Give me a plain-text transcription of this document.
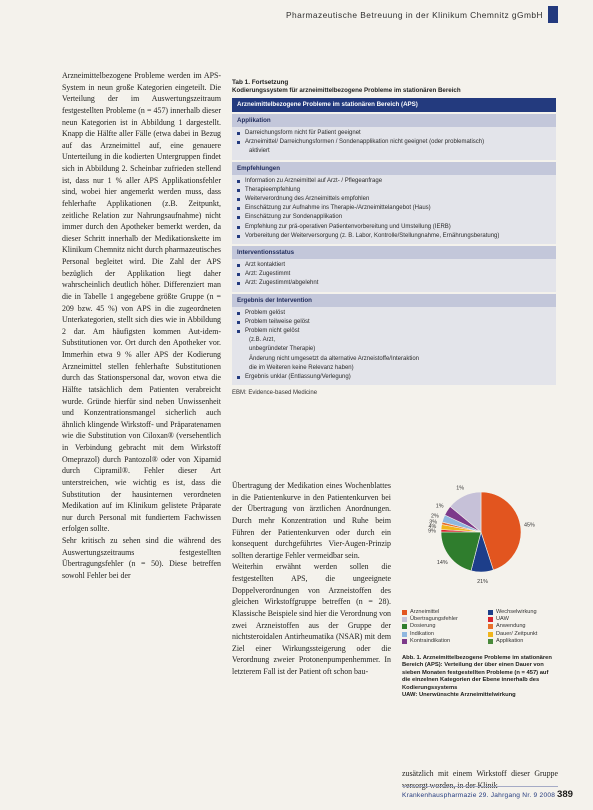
Pharmazeutische Betreuung in der Klinikum Chemnitz gGmbH

Arzneimittelbezogene Probleme werden im APS-System in neun große Kategorien eingeteilt. Die Verteilung der im Auswertungszeitraum festgestellten Probleme (n = 457) innerhalb dieser neun Kategorien ist in Abbildung 1 dargestellt. Knapp die Hälfte aller Fälle (etwa dabei in Bezug auf das Arzneimittel auf, eine genauere Unterteilung in die kodierten Untergruppen findet sich in Abbildung 2. Scheinbar zufrieden stellend ist, dass nur 1 % aller APS Applikationsfehler sind, wobei hier angemerkt werden muss, dass fehlerhafte Applikationen (z.B. Zeitpunkt, zeitliche Relation zur Nahrungsaufnahme) nicht immer durch den Apotheker bemerkt werden, da dieser Schritt innerhalb der Medikationskette im Klinikum Chemnitz nicht durch pharmazeutisches Personal begleitet wird. Die Zahl der APS bezüglich der Applikation liegt daher wahrscheinlich deutlich höher. Differenziert man die in Tabelle 1 angegebene größte Gruppe (n = 209 bzw. 45 %) von APS in die zugeordneten Unterkategorien, stellt sich dies wie in Abbildung 2 dar. Am häufigsten kommen Aut-idem-Substitutionen vor. Ort durch den Apotheker vor. Immerhin etwa 9 % aller APS der Kodierung Arzneimittel stellen fehlerhafte Substitutionen durch das Stationspersonal dar, wovon etwa die Hälfte tatsächlich dem Patienten verabreicht wurde. Gründe hierfür sind neben Unwissenheit und Konzentrationsmangel sicherlich auch ähnlich klingende Wirkstoff- und Präparatenamen wie die Substitution von Ciloxan® (versehentlich in Verbindung gebracht mit dem Wirkstoff Omeprazol) durch Pantozol® oder von Xipamid durch Cipramil®. Fehler dieser Art unterstreichen, wie wichtig es ist, dass die Substitution der hausinternen verordneten Medikation auf im Klinikum gelistete Präparate nur durch Personal mit fundiertem Fachwissen erfolgen sollte.

Sehr kritisch zu sehen sind die während des Auswertungszeitraums festgestellten Übertragungsfehler (n = 50). Diese betreffen sowohl Fehler bei der

Tab 1. Fortsetzung
Kodierungssystem für arzneimittelbezogene Probleme im stationären Bereich
Arzneimittelbezogene Probleme im stationären Bereich (APS)
Applikation
Darreichungsform nicht für Patient geeignet
Arzneimittel/ Darreichungsformen / Sondenapplikation nicht geeignet (oder problematisch)
aktiviert
Empfehlungen
Information zu Arzneimittel auf Arzt- / Pflegeanfrage
Therapieempfehlung
Weiterverordnung des Arzneimittels empfohlen
Einschätzung zur Aufnahme ins Therapie-/Arzneimittelangebot (Haus)
Einschätzung zur Sondenapplikation
Empfehlung zur prä-operativen Patientenvorbereitung und Umstellung (IERB)
Vorbereitung der Weiterversorgung (z. B. Labor, Kontrolle/Stellungnahme, Ernährungsberatung)
Interventionsstatus
Arzt kontaktiert
Arzt: Zugestimmt
Arzt: Zugestimmt/abgelehnt
Ergebnis der Intervention
Problem gelöst
Problem teilweise gelöst
Problem nicht gelöst
(z.B. Arzt,
unbegründeter Therapie)
Änderung nicht umgesetzt da alternative Arzneistoffe/Interaktion
die im Weiteren keine Relevanz haben)
Ergebnis unklar (Entlassung/Verlegung)
EBM: Evidence-based Medicine

Übertragung der Medikation eines Wochenblattes in die Patientenkurve in den Patientenkurven bei der Übertragung von ärztlichen Anordnungen. Durch mehr Konzentration und Ruhe beim Führen der Patientenkurven oder durch ein konsequent durchgeführtes Vier-Augen-Prinzip sollten derartige Fehler vermeidbar sein.

Weiterhin erwähnt werden sollen die festgestellten APS, die ungeeignete Doppelverordnungen von Arzneistoffen des gleichen Wirkstoffgruppe betreffen (n = 28). Klassische Beispiele sind hier die Verordnung von zwei Arzneistoffen aus der Gruppe der nichtsteroidalen Antirheumatika (NSAR) mit dem Ziel einer Wirkungssteigerung oder die Verordnung zweier Protonenpumpenhemmer. In letzterem Fall ist der Patient oft schon bau-

45%
21%
14%
9%
4%
3%
2%
1%
1%
Arzneimittel	Wechselwirkung
Übertragungsfehler	UAW
Dosierung	Anwendung
Indikation	Dauer/ Zeitpunkt
Kontraindikation	Applikation

Abb. 1. Arzneimittelbezogene Probleme im stationären Bereich (APS): Verteilung der über einen Dauer von sieben Monaten festgestellten Probleme (n = 457) auf die einzelnen Kategorien der Ebene innerhalb des Kodierungssystems

UAW: Unerwünschte Arzneimittelwirkung

zusätzlich mit einem Wirkstoff dieser Gruppe versorgt worden, in der Klinik

Krankenhauspharmazie 29. Jahrgang Nr. 9 2008 389
